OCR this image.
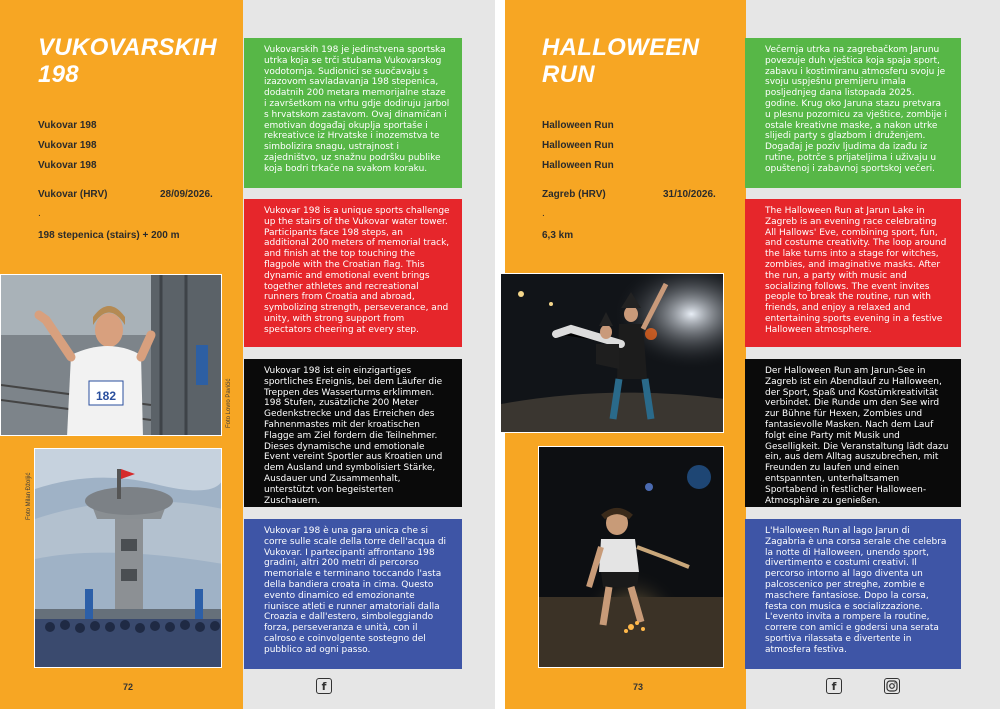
VUKOVARSKIH
198
Vukovar 198
Vukovar 198
Vukovar 198
Vukovar (HRV)	28/09/2026.
.
198 stepenica (stairs) + 200 m
182	Foto Lovro Pavičić
Foto Milan Đžoljić
72
Vukovarskih 198 je jedinstvena sportska utrka koja se trči stubama Vukovarskog vodotornja. Sudionici se suočavaju s izazovom savladavanja 198 stepenica, dodatnih 200 metara memorijalne staze i završetkom na vrhu gdje dodiruju jarbol s hrvatskom zastavom. Ovaj dinamičan i emotivan događaj okuplja sportaše i rekreativce iz Hrvatske i inozemstva te simbolizira snagu, ustrajnost i zajedništvo, uz snažnu podršku publike koja bodri trkače na svakom koraku.
Vukovar 198 is a unique sports challenge up the stairs of the Vukovar water tower. Participants face 198 steps, an additional 200 meters of memorial track, and finish at the top touching the flagpole with the Croatian flag. This dynamic and emotional event brings together athletes and recreational runners from Croatia and abroad, symbolizing strength, perseverance, and unity, with strong support from spectators cheering at every step.
Vukovar 198 ist ein einzigartiges sportliches Ereignis, bei dem Läufer die Treppen des Wasserturms erklimmen. 198 Stufen, zusätzliche 200 Meter Gedenkstrecke und das Erreichen des Fahnenmastes mit der kroatischen Flagge am Ziel fordern die Teilnehmer. Dieses dynamische und emotionale Event vereint Sportler aus Kroatien und dem Ausland und symbolisiert Stärke, Ausdauer und Zusammenhalt, unterstützt von begeisterten Zuschauern.
Vukovar 198 è una gara unica che si corre sulle scale della torre dell'acqua di Vukovar. I partecipanti affrontano 198 gradini, altri 200 metri di percorso memoriale e terminano toccando l'asta della bandiera croata in cima. Questo evento dinamico ed emozionante riunisce atleti e runner amatoriali dalla Croazia e dall'estero, simboleggiando forza, perseveranza e unità, con il calroso e coinvolgente sostegno del pubblico ad ogni passo.
f
HALLOWEEN
RUN
Halloween Run
Halloween Run
Halloween Run
Zagreb (HRV)	31/10/2026.
.
6,3 km
73
Večernja utrka na zagrebačkom Jarunu povezuje duh vještica koja spaja sport, zabavu i kostimiranu atmosferu svoju je svoju uspješnu premijeru imala posljednjeg dana listopada 2025. godine. Krug oko Jaruna stazu pretvara u plesnu pozornicu za vještice, zombije i ostale kreativne maske, a nakon utrke slijedi party s glazbom i druženjem. Događaj je poziv ljudima da izađu iz rutine, potrče s prijateljima i uživaju u opuštenoj i zabavnoj sportskoj večeri.
The Halloween Run at Jarun Lake in Zagreb is an evening race celebrating All Hallows' Eve, combining sport, fun, and costume creativity. The loop around the lake turns into a stage for witches, zombies, and imaginative masks. After the run, a party with music and socializing follows. The event invites people to break the routine, run with friends, and enjoy a relaxed and entertaining sports evening in a festive Halloween atmosphere.
Der Halloween Run am Jarun-See in Zagreb ist ein Abendlauf zu Halloween, der Sport, Spaß und Kostümkreativität verbindet. Die Runde um den See wird zur Bühne für Hexen, Zombies und fantasievolle Masken. Nach dem Lauf folgt eine Party mit Musik und Geselligkeit. Die Veranstaltung lädt dazu ein, aus dem Alltag auszubrechen, mit Freunden zu laufen und einen entspannten, unterhaltsamen Sportabend in festlicher Halloween-Atmosphäre zu genießen.
L'Halloween Run al lago Jarun di Zagabria è una corsa serale che celebra la notte di Halloween, unendo sport, divertimento e costumi creativi. Il percorso intorno al lago diventa un palcoscenico per streghe, zombie e maschere fantasiose. Dopo la corsa, festa con musica e socializzazione. L'evento invita a rompere la routine, correre con amici e godersi una serata sportiva rilassata e divertente in atmosfera festiva.
f
